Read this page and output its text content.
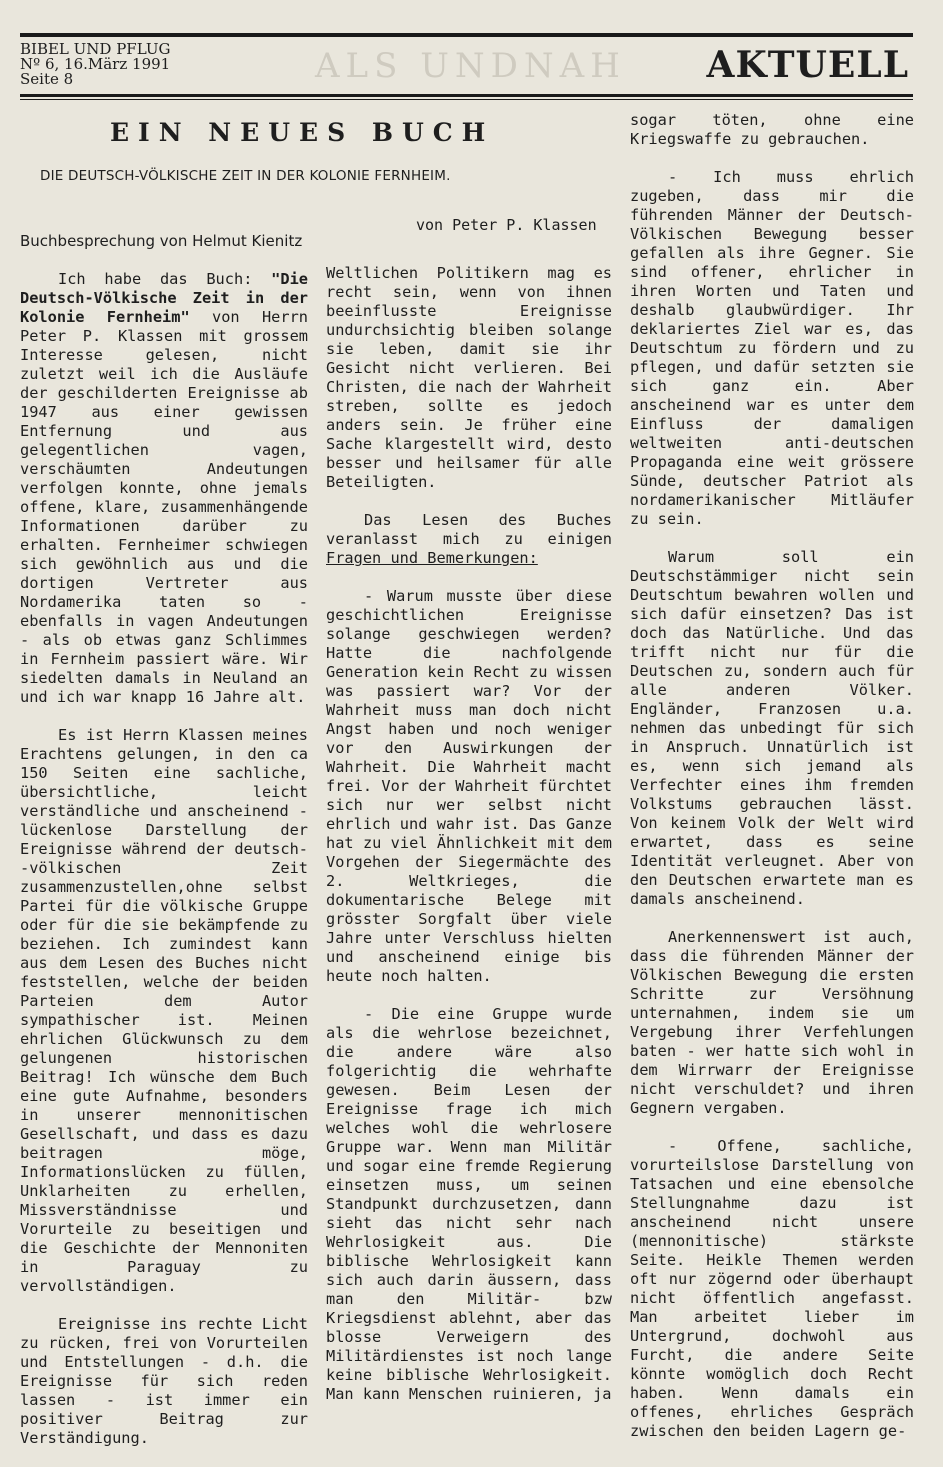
ALS UNDNAH
BIBEL UND PFLUG
Nº 6, 16.März 1991
Seite 8	AKTUELL
EIN NEUES BUCH
DIE DEUTSCH-VÖLKISCHE ZEIT IN DER KOLONIE FERNHEIM.
von Peter P. Klassen
Buchbesprechung von Helmut Kienitz

Ich habe das Buch: "Die Deutsch-Völkische Zeit in der Kolonie Fernheim" von Herrn Peter P. Klassen mit grossem Interesse gelesen, nicht zuletzt weil ich die Ausläufe der geschilderten Ereignisse ab 1947 aus einer gewissen Entfernung und aus gelegentlichen vagen, verschäumten Andeutungen verfolgen konnte, ohne jemals offene, klare, zusammenhängende Informationen darüber zu erhalten. Fernheimer schwiegen sich gewöhnlich aus und die dortigen Vertreter aus Nordamerika taten so - ebenfalls in vagen Andeutungen - als ob etwas ganz Schlimmes in Fernheim passiert wäre. Wir siedelten damals in Neuland an und ich war knapp 16 Jahre alt.

Es ist Herrn Klassen meines Erachtens gelungen, in den ca 150 Seiten eine sachliche, übersichtliche, leicht verständliche und anscheinend - lückenlose Darstellung der Ereignisse während der deutsch--völkischen Zeit zusammenzustellen,ohne selbst Partei für die völkische Gruppe oder für die sie bekämpfende zu beziehen. Ich zumindest kann aus dem Lesen des Buches nicht feststellen, welche der beiden Parteien dem Autor sympathischer ist. Meinen ehrlichen Glückwunsch zu dem gelungenen historischen Beitrag! Ich wünsche dem Buch eine gute Aufnahme, besonders in unserer mennonitischen Gesellschaft, und dass es dazu beitragen möge, Informationslücken zu füllen, Unklarheiten zu erhellen, Missverständnisse und Vorurteile zu beseitigen und die Geschichte der Mennoniten in Paraguay zu vervollständigen.

Ereignisse ins rechte Licht zu rücken, frei von Vorurteilen und Entstellungen - d.h. die Ereignisse für sich reden lassen - ist immer ein positiver Beitrag zur Verständigung.

Weltlichen Politikern mag es recht sein, wenn von ihnen beeinflusste Ereignisse undurchsichtig bleiben solange sie leben, damit sie ihr Gesicht nicht verlieren. Bei Christen, die nach der Wahrheit streben, sollte es jedoch anders sein. Je früher eine Sache klargestellt wird, desto besser und heilsamer für alle Beteiligten.

Das Lesen des Buches veranlasst mich zu einigen Fragen und Bemerkungen:

- Warum musste über diese geschichtlichen Ereignisse solange geschwiegen werden? Hatte die nachfolgende Generation kein Recht zu wissen was passiert war? Vor der Wahrheit muss man doch nicht Angst haben und noch weniger vor den Auswirkungen der Wahrheit. Die Wahrheit macht frei. Vor der Wahrheit fürchtet sich nur wer selbst nicht ehrlich und wahr ist. Das Ganze hat zu viel Ähnlichkeit mit dem Vorgehen der Siegermächte des 2. Weltkrieges, die dokumentarische Belege mit grösster Sorgfalt über viele Jahre unter Verschluss hielten und anscheinend einige bis heute noch halten.

- Die eine Gruppe wurde als die wehrlose bezeichnet, die andere wäre also folgerichtig die wehrhafte gewesen. Beim Lesen der Ereignisse frage ich mich welches wohl die wehrlosere Gruppe war. Wenn man Militär und sogar eine fremde Regierung einsetzen muss, um seinen Standpunkt durchzusetzen, dann sieht das nicht sehr nach Wehrlosigkeit aus. Die biblische Wehrlosigkeit kann sich auch darin äussern, dass man den Militär- bzw Kriegsdienst ablehnt, aber das blosse Verweigern des Militärdienstes ist noch lange keine biblische Wehrlosigkeit. Man kann Menschen ruinieren, ja

sogar töten, ohne eine Kriegswaffe zu gebrauchen.

- Ich muss ehrlich zugeben, dass mir die führenden Männer der Deutsch-Völkischen Bewegung besser gefallen als ihre Gegner. Sie sind offener, ehrlicher in ihren Worten und Taten und deshalb glaubwürdiger. Ihr deklariertes Ziel war es, das Deutschtum zu fördern und zu pflegen, und dafür setzten sie sich ganz ein. Aber anscheinend war es unter dem Einfluss der damaligen weltweiten anti-deutschen Propaganda eine weit grössere Sünde, deutscher Patriot als nordamerikanischer Mitläufer zu sein.

Warum soll ein Deutschstämmiger nicht sein Deutschtum bewahren wollen und sich dafür einsetzen? Das ist doch das Natürliche. Und das trifft nicht nur für die Deutschen zu, sondern auch für alle anderen Völker. Engländer, Franzosen u.a. nehmen das unbedingt für sich in Anspruch. Unnatürlich ist es, wenn sich jemand als Verfechter eines ihm fremden Volkstums gebrauchen lässt. Von keinem Volk der Welt wird erwartet, dass es seine Identität verleugnet. Aber von den Deutschen erwartete man es damals anscheinend.

Anerkennenswert ist auch, dass die führenden Männer der Völkischen Bewegung die ersten Schritte zur Versöhnung unternahmen, indem sie um Vergebung ihrer Verfehlungen baten - wer hatte sich wohl in dem Wirrwarr der Ereignisse nicht verschuldet? und ihren Gegnern vergaben.

- Offene, sachliche, vorurteilslose Darstellung von Tatsachen und eine ebensolche Stellungnahme dazu ist anscheinend nicht unsere (mennonitische) stärkste Seite. Heikle Themen werden oft nur zögernd oder überhaupt nicht öffentlich angefasst. Man arbeitet lieber im Untergrund, dochwohl aus Furcht, die andere Seite könnte womöglich doch Recht haben. Wenn damals ein offenes, ehrliches Gespräch zwischen den beiden Lagern ge-
